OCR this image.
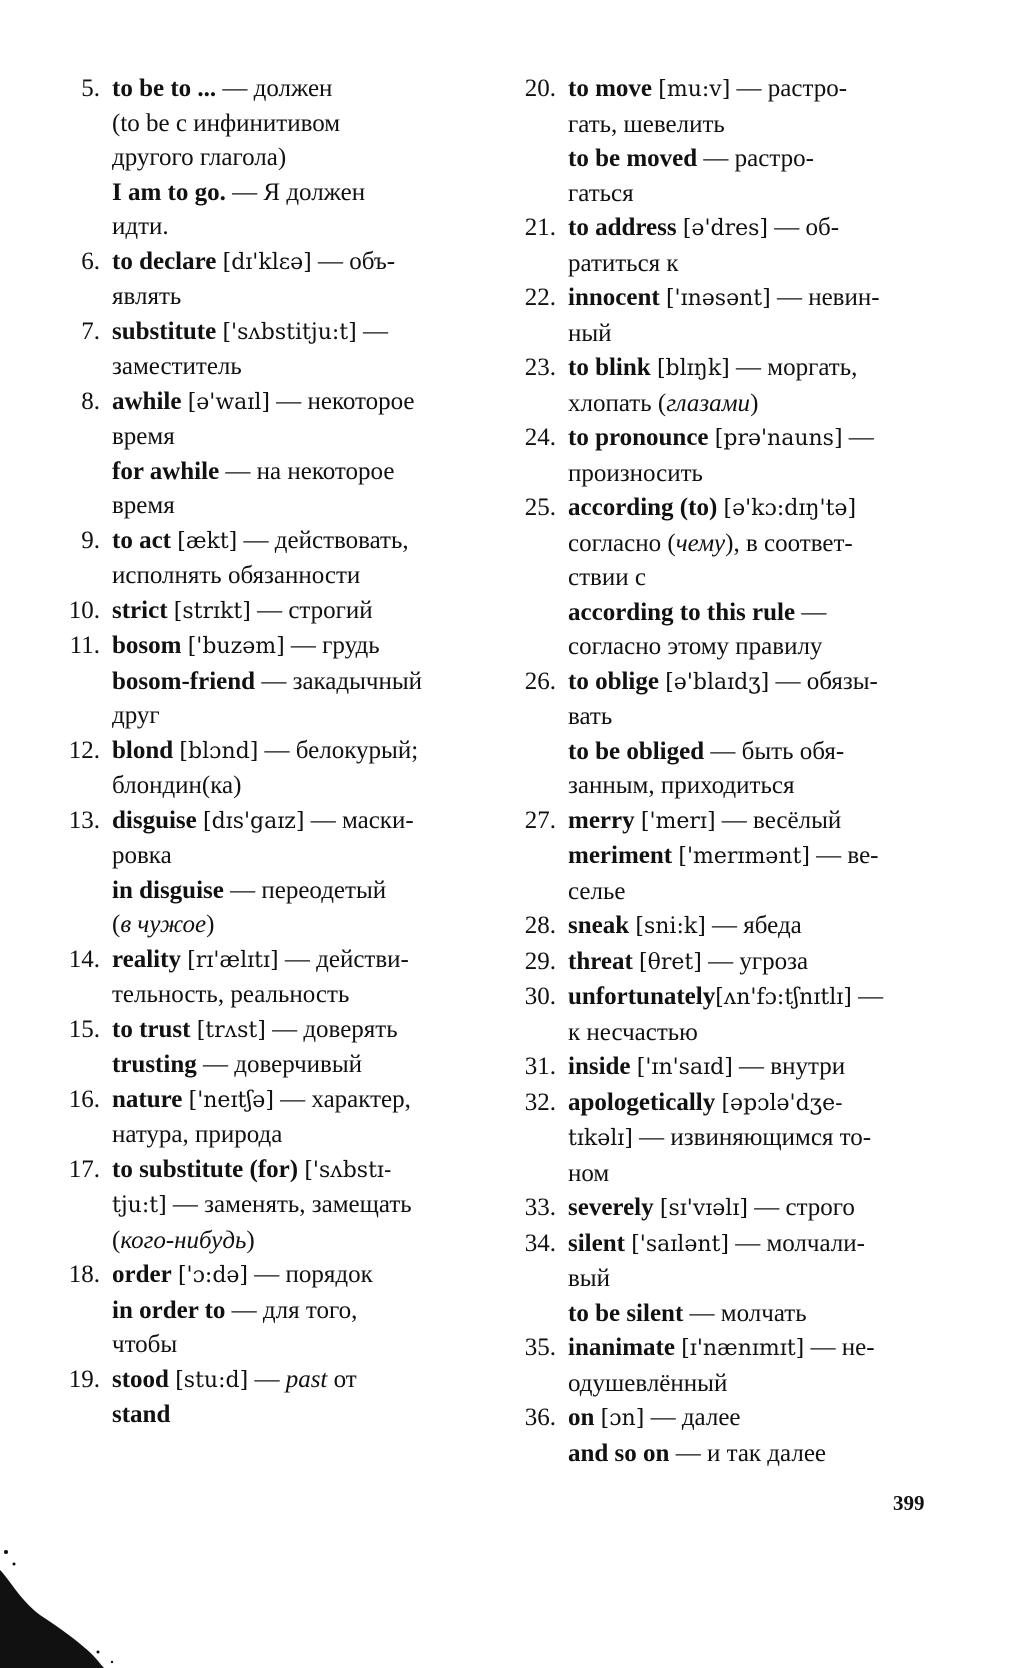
5. to be to ... — должен
(to be с инфинитивом
другого глагола)
I am to go. — Я должен
идти.
6. to declare [dɪ'klɛə] — объ-
являть
7. substitute ['sʌbstitju:t] —
заместитель
8. awhile [ə'waɪl] — некоторое
время
for awhile — на некоторое
время
9. to act [ækt] — действовать,
исполнять обязанности
10. strict [strɪkt] — строгий
11. bosom ['buzəm] — грудь
bosom-friend — закадычный
друг
12. blond [blɔnd] — белокурый;
блондин(ка)
13. disguise [dɪs'gaɪz] — маски-
ровка
in disguise — переодетый
(в чужое)
14. reality [rɪ'ælɪtɪ] — действи-
тельность, реальность
15. to trust [trʌst] — доверять
trusting — доверчивый
16. nature ['neɪtʃə] — характер,
натура, природа
17. to substitute (for) ['sʌbstɪ-
tju:t] — заменять, замещать
(кого-нибудь)
18. order ['ɔ:də] — порядок
in order to — для того,
чтобы
19. stood [stu:d] — past от
stand
20. to move [mu:v] — растро-
гать, шевелить
to be moved — растро-
гаться
21. to address [ə'dres] — об-
ратиться к
22. innocent ['ɪnəsənt] — невин-
ный
23. to blink [blɪŋk] — моргать,
хлопать (глазами)
24. to pronounce [prə'nauns] —
произносить
25. according (to) [ə'kɔ:dɪŋ'tə]
согласно (чему), в соответ-
ствии с
according to this rule —
согласно этому правилу
26. to oblige [ə'blaɪdʒ] — обязы-
вать
to be obliged — быть обя-
занным, приходиться
27. merry ['merɪ] — весёлый
meriment ['merɪmənt] — ве-
селье
28. sneak [sni:k] — ябеда
29. threat [θret] — угроза
30. unfortunately[ʌn'fɔ:tʃnɪtlɪ] —
к несчастью
31. inside ['ɪn'saɪd] — внутри
32. apologetically [əpɔlə'dʒe-
tɪkəlɪ] — извиняющимся то-
ном
33. severely [sɪ'vɪəlɪ] — строго
34. silent ['saɪlənt] — молчали-
вый
to be silent — молчать
35. inanimate [ɪ'nænɪmɪt] — не-
одушевлённый
36. on [ɔn] — далее
and so on — и так далее
399
